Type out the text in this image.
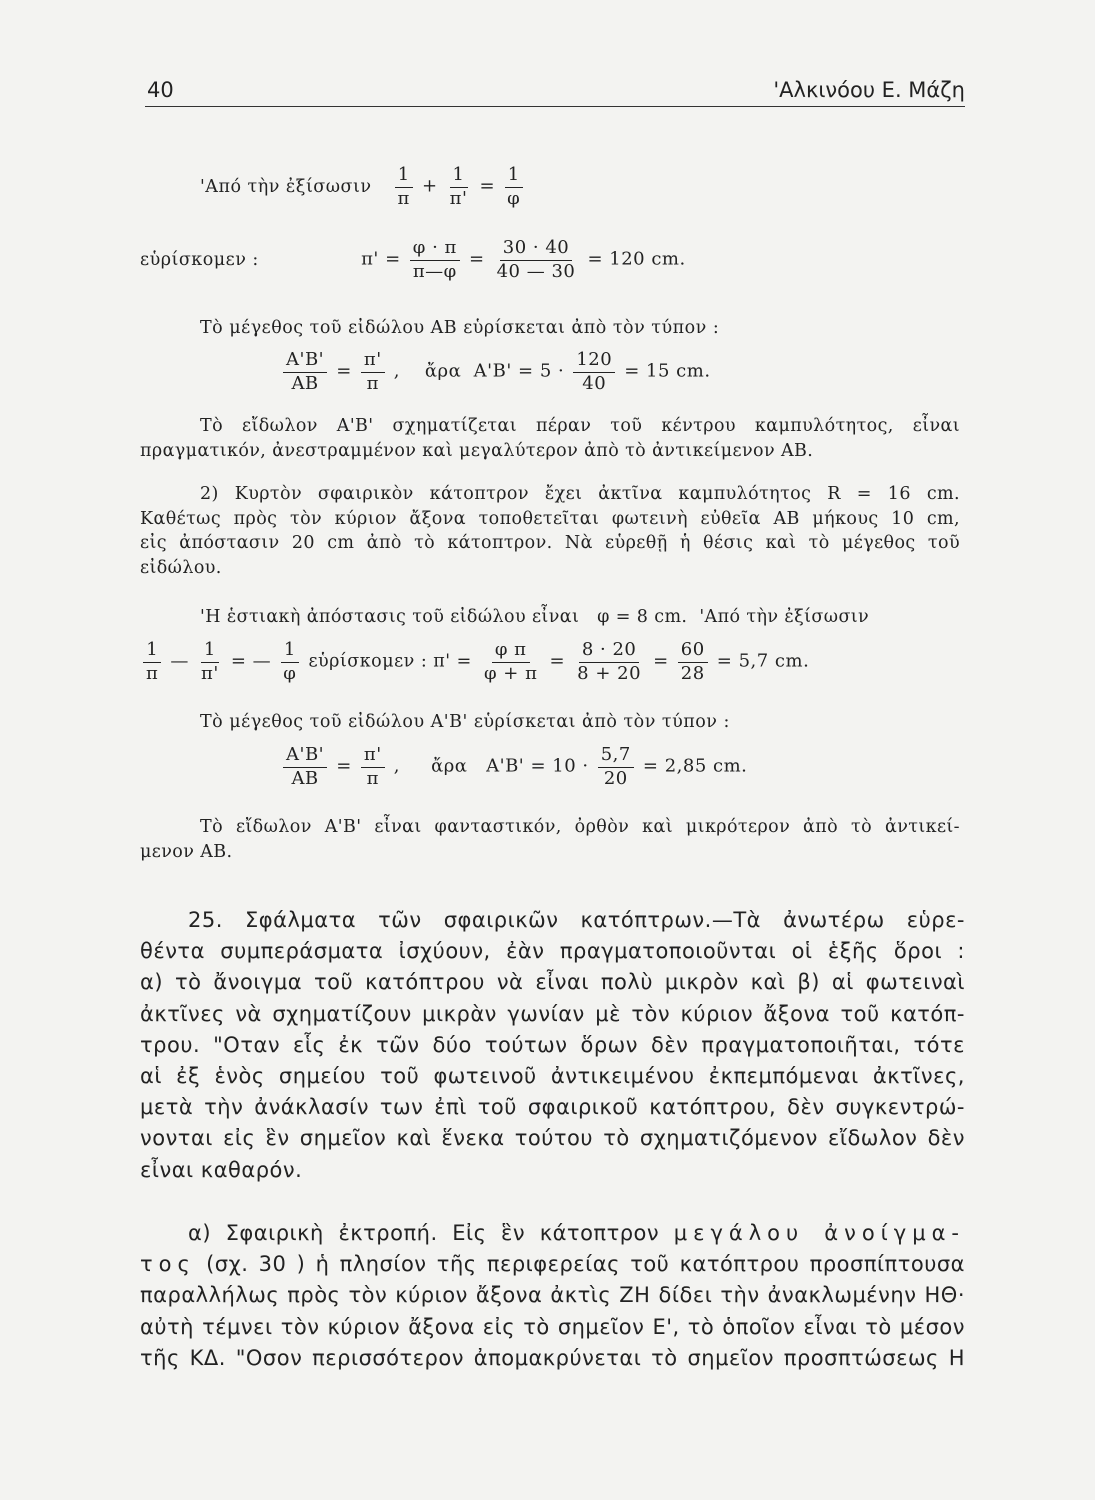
40	'Αλκινόου Ε. Μάζη
'Από τὴν ἐξίσωσιν $\frac{1}{\pi} + \frac{1}{\pi'} = \frac{1}{\varphi}$
εὑρίσκομεν :	$\pi' = \frac{\varphi \cdot \pi}{\pi—\varphi} = \frac{30 \cdot 40}{40 — 30} = 120$ cm.
Τὸ μέγεθος τοῦ εἰδώλου ΑΒ εὑρίσκεται ἀπὸ τὸν τύπον :
$\frac{A'B'}{AB} = \frac{\pi'}{\pi}$ ,    ἄρα  $A'B' = 5 \cdot \frac{120}{40} = 15$ cm.
Τὸ εἴδωλον Α'Β' σχηματίζεται πέραν τοῦ κέντρου καμπυλότητος, εἶναι
πραγματικόν, ἀνεστραμμένον καὶ μεγαλύτερον ἀπὸ τὸ ἀντικείμενον ΑΒ.
2) Κυρτὸν σφαιρικὸν κάτοπτρον ἔχει ἀκτῖνα καμπυλότητος R = 16 cm.
Καθέτως πρὸς τὸν κύριον ἄξονα τοποθετεῖται φωτεινὴ εὐθεῖα ΑΒ μήκους 10 cm,
εἰς ἀπόστασιν 20 cm ἀπὸ τὸ κάτοπτρον. Νὰ εὑρεθῇ ἡ θέσις καὶ τὸ μέγεθος τοῦ
εἰδώλου.
'Η ἑστιακὴ ἀπόστασις τοῦ εἰδώλου εἶναι   φ = 8 cm.  'Από τὴν ἐξίσωσιν
$\frac{1}{\pi}$ — $\frac{1}{\pi'}$ = — $\frac{1}{\varphi}$ εὑρίσκομεν : $\pi' = \frac{\text{φ π}}{\varphi + \pi} = \frac{8 \cdot 20}{8 + 20} = \frac{60}{28} = 5,7$ cm.
Τὸ μέγεθος τοῦ εἰδώλου Α'Β' εὑρίσκεται ἀπὸ τὸν τύπον :
$\frac{A'B'}{AB} = \frac{\pi'}{\pi}$ ,     ἄρα   $A'B' = 10 \cdot \frac{5,7}{20} = 2,85$ cm.
Τὸ εἴδωλον Α'Β' εἶναι φανταστικόν, ὀρθὸν καὶ μικρότερον ἀπὸ τὸ ἀντικεί-
μενον ΑΒ.
25. Σφάλματα τῶν σφαιρικῶν κατόπτρων.—Τὰ ἀνωτέρω εὑρε-
θέντα συμπεράσματα ἰσχύουν, ἐὰν πραγματοποιοῦνται οἱ ἑξῆς ὅροι :
α) τὸ ἄνοιγμα τοῦ κατόπτρου νὰ εἶναι πολὺ μικρὸν καὶ β) αἱ φωτειναὶ
ἀκτῖνες νὰ σχηματίζουν μικρὰν γωνίαν μὲ τὸν κύριον ἄξονα τοῦ κατόπ-
τρου. "Οταν εἷς ἐκ τῶν δύο τούτων ὅρων δὲν πραγματοποιῆται, τότε
αἱ ἐξ ἑνὸς σημείου τοῦ φωτεινοῦ ἀντικειμένου ἐκπεμπόμεναι ἀκτῖνες,
μετὰ τὴν ἀνάκλασίν των ἐπὶ τοῦ σφαιρικοῦ κατόπτρου, δὲν συγκεντρώ-
νονται εἰς ἓν σημεῖον καὶ ἕνεκα τούτου τὸ σχηματιζόμενον εἴδωλον δὲν
εἶναι καθαρόν.
α) Σφαιρικὴ ἐκτροπή. Εἰς ἓν κάτοπτρον μεγάλου ἀνοίγμα-
τος (σχ. 30 ) ἡ πλησίον τῆς περιφερείας τοῦ κατόπτρου προσπίπτουσα
παραλλήλως πρὸς τὸν κύριον ἄξονα ἀκτὶς ΖΗ δίδει τὴν ἀνακλωμένην ΗΘ·
αὐτὴ τέμνει τὸν κύριον ἄξονα εἰς τὸ σημεῖον Ε', τὸ ὁποῖον εἶναι τὸ μέσον
τῆς ΚΔ. "Οσον περισσότερον ἀπομακρύνεται τὸ σημεῖον προσπτώσεως Η
